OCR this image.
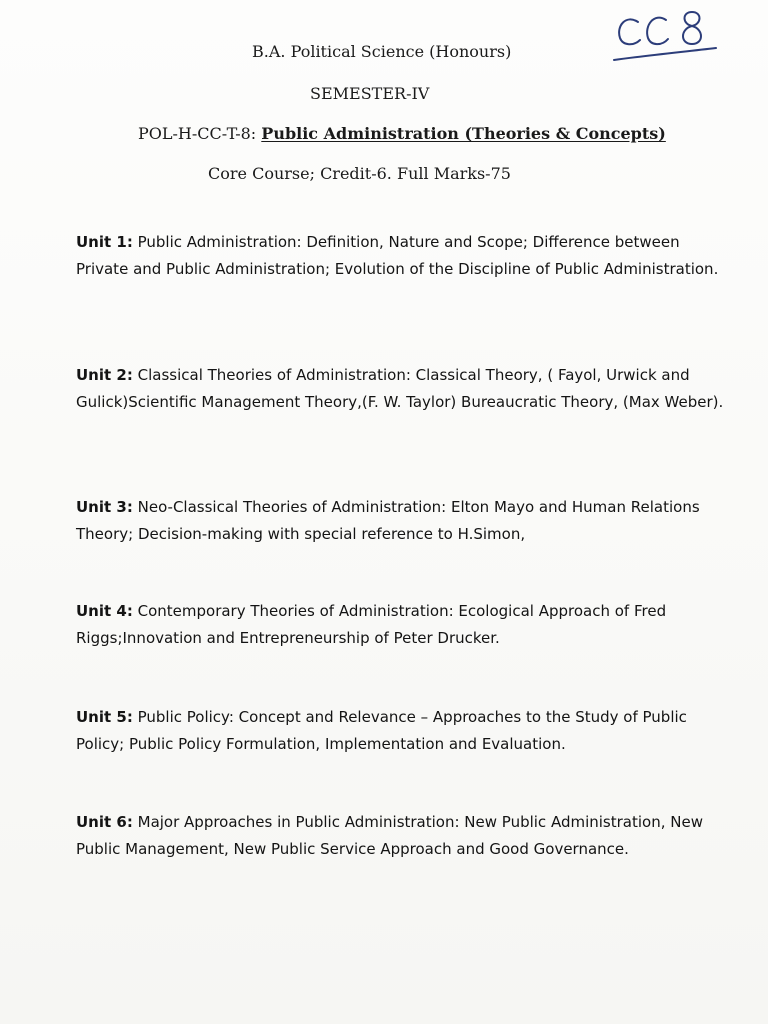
B.A. Political Science (Honours)
SEMESTER-IV
POL-H-CC-T-8: Public Administration (Theories & Concepts)
Core Course; Credit-6. Full Marks-75
Unit 1: Public Administration: Definition, Nature and Scope; Difference between Private and Public Administration; Evolution of the Discipline of Public Administration.
Unit 2: Classical Theories of Administration: Classical Theory, ( Fayol, Urwick and Gulick)Scientific Management Theory,(F. W. Taylor) Bureaucratic Theory, (Max Weber).
Unit 3: Neo-Classical Theories of Administration: Elton Mayo and Human Relations Theory; Decision-making with special reference to H.Simon,
Unit 4: Contemporary Theories of Administration: Ecological Approach of Fred Riggs;Innovation and Entrepreneurship of Peter Drucker.
Unit 5: Public Policy: Concept and Relevance – Approaches to the Study of Public Policy; Public Policy Formulation, Implementation and Evaluation.
Unit 6: Major Approaches in Public Administration: New Public Administration, New Public Management, New Public Service Approach and Good Governance.
